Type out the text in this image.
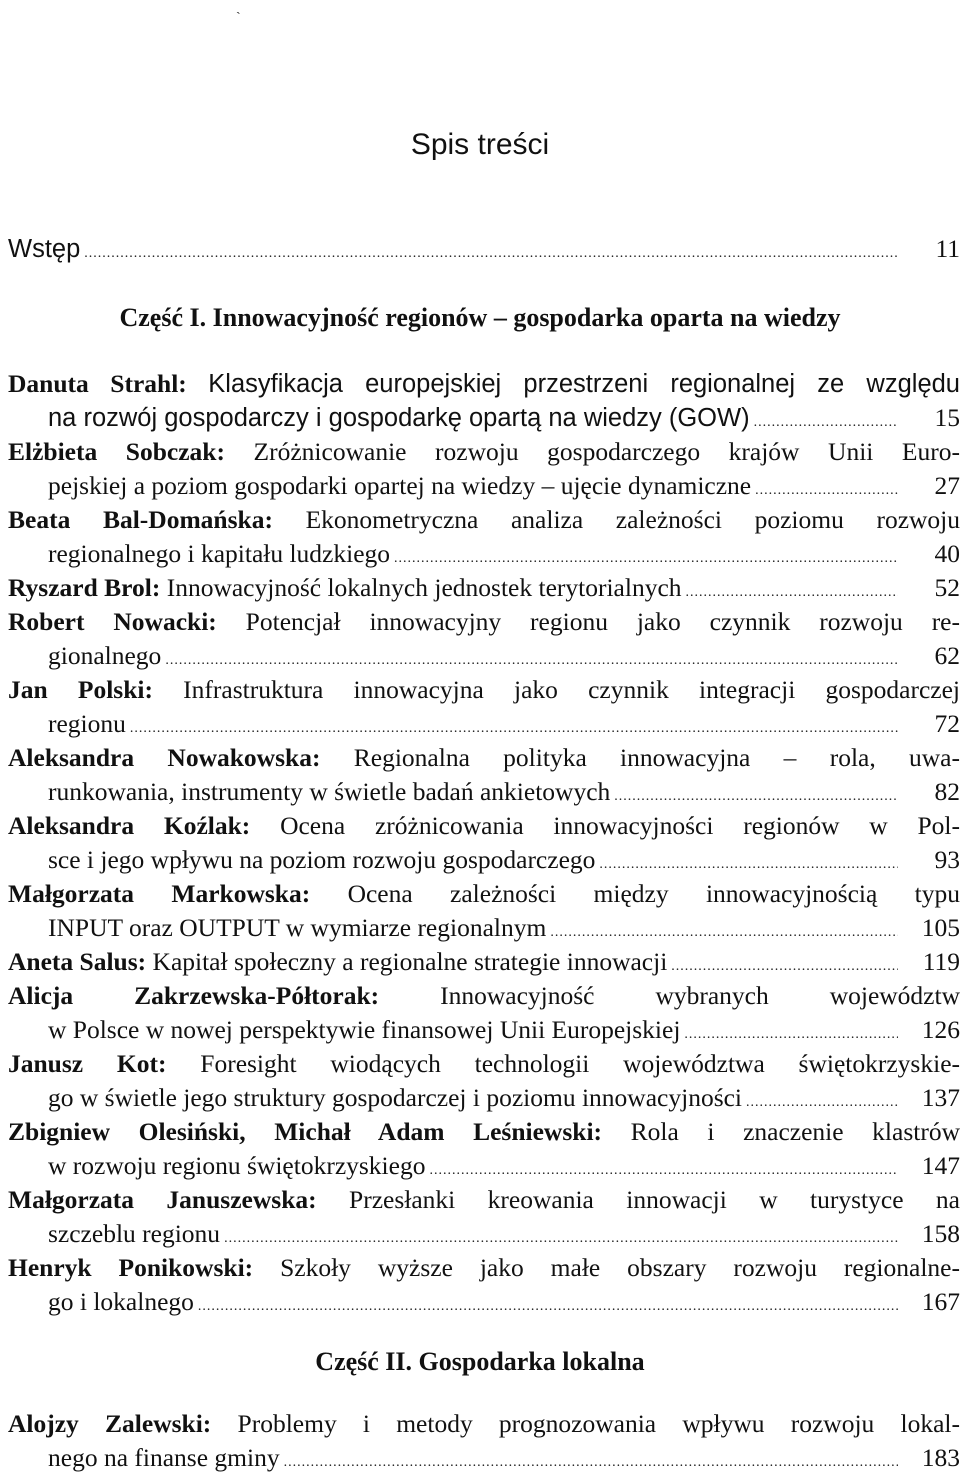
ˏ
Spis treści
Wstęp .....	11
Część I. Innowacyjność regionów – gospodarka oparta na wiedzy
Danuta Strahl: Klasyfikacja europejskiej przestrzeni regionalnej ze względu
na rozwój gospodarczy i gospodarkę opartą na wiedzy (GOW) .....	15
Elżbieta Sobczak: Zróżnicowanie rozwoju gospodarczego krajów Unii Euro-
pejskiej a poziom gospodarki opartej na wiedzy – ujęcie dynamiczne .....	27
Beata Bal-Domańska: Ekonometryczna analiza zależności poziomu rozwoju
regionalnego i kapitału ludzkiego .....	40
Ryszard Brol: Innowacyjność lokalnych jednostek terytorialnych .....	52
Robert Nowacki: Potencjał innowacyjny regionu jako czynnik rozwoju re-
gionalnego .....	62
Jan Polski: Infrastruktura innowacyjna jako czynnik integracji gospodarczej
regionu .....	72
Aleksandra Nowakowska: Regionalna polityka innowacyjna – rola, uwa-
runkowania, instrumenty w świetle badań ankietowych .....	82
Aleksandra Koźlak: Ocena zróżnicowania innowacyjności regionów w Pol-
sce i jego wpływu na poziom rozwoju gospodarczego .....	93
Małgorzata Markowska: Ocena zależności między innowacyjnością typu
INPUT oraz OUTPUT w wymiarze regionalnym .....	105
Aneta Salus: Kapitał społeczny a regionalne strategie innowacji .....	119
Alicja Zakrzewska-Półtorak: Innowacyjność wybranych województw
w Polsce w nowej perspektywie finansowej Unii Europejskiej .....	126
Janusz Kot: Foresight wiodących technologii województwa świętokrzyskie-
go w świetle jego struktury gospodarczej i poziomu innowacyjności .....	137
Zbigniew Olesiński, Michał Adam Leśniewski: Rola i znaczenie klastrów
w rozwoju regionu świętokrzyskiego .....	147
Małgorzata Januszewska: Przesłanki kreowania innowacji w turystyce na
szczeblu regionu .....	158
Henryk Ponikowski: Szkoły wyższe jako małe obszary rozwoju regionalne-
go i lokalnego .....	167
Część II. Gospodarka lokalna
Alojzy Zalewski: Problemy i metody prognozowania wpływu rozwoju lokal-
nego na finanse gminy .....	183
